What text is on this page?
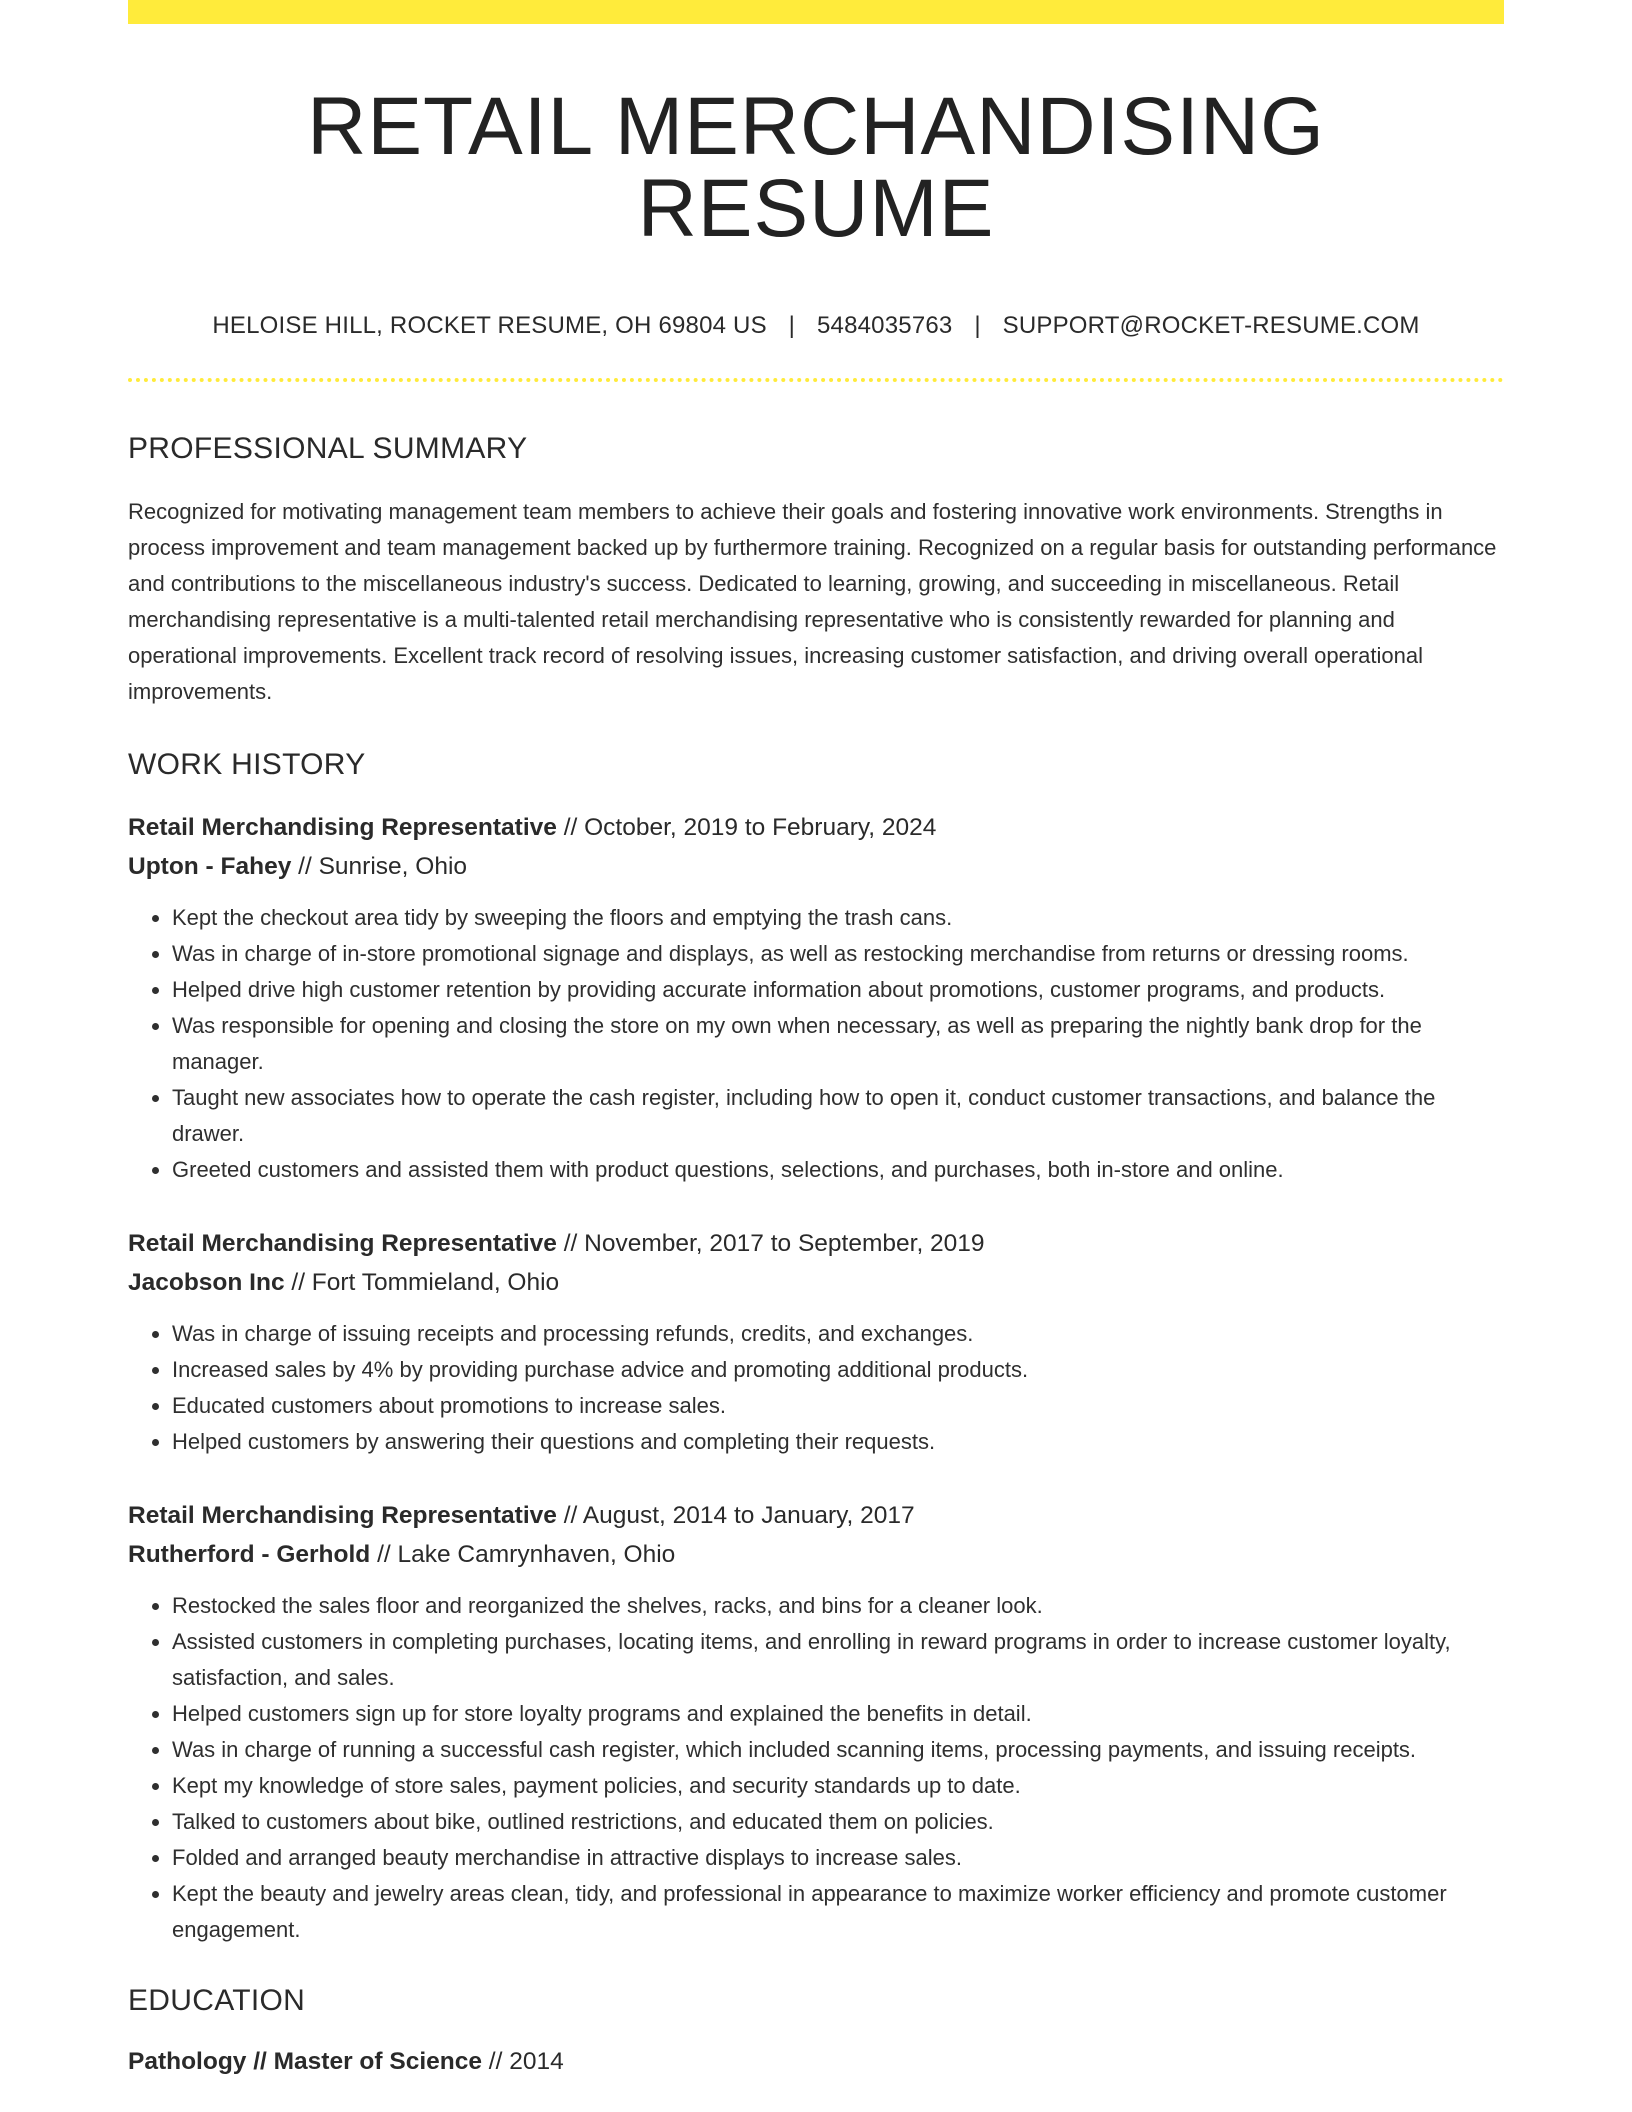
RETAIL MERCHANDISING RESUME
HELOISE HILL, ROCKET RESUME, OH 69804 US | 5484035763 | SUPPORT@ROCKET-RESUME.COM
PROFESSIONAL SUMMARY

Recognized for motivating management team members to achieve their goals and fostering innovative work environments. Strengths in process improvement and team management backed up by furthermore training. Recognized on a regular basis for outstanding performance and contributions to the miscellaneous industry's success. Dedicated to learning, growing, and succeeding in miscellaneous. Retail merchandising representative is a multi-talented retail merchandising representative who is consistently rewarded for planning and operational improvements. Excellent track record of resolving issues, increasing customer satisfaction, and driving overall operational improvements.

WORK HISTORY
Retail Merchandising Representative // October, 2019 to February, 2024
Upton - Fahey // Sunrise, Ohio
• Kept the checkout area tidy by sweeping the floors and emptying the trash cans.
• Was in charge of in-store promotional signage and displays, as well as restocking merchandise from returns or dressing rooms.
• Helped drive high customer retention by providing accurate information about promotions, customer programs, and products.
• Was responsible for opening and closing the store on my own when necessary, as well as preparing the nightly bank drop for the manager.
• Taught new associates how to operate the cash register, including how to open it, conduct customer transactions, and balance the drawer.
• Greeted customers and assisted them with product questions, selections, and purchases, both in-store and online.
Retail Merchandising Representative // November, 2017 to September, 2019
Jacobson Inc // Fort Tommieland, Ohio
• Was in charge of issuing receipts and processing refunds, credits, and exchanges.
• Increased sales by 4% by providing purchase advice and promoting additional products.
• Educated customers about promotions to increase sales.
• Helped customers by answering their questions and completing their requests.
Retail Merchandising Representative // August, 2014 to January, 2017
Rutherford - Gerhold // Lake Camrynhaven, Ohio
• Restocked the sales floor and reorganized the shelves, racks, and bins for a cleaner look.
• Assisted customers in completing purchases, locating items, and enrolling in reward programs in order to increase customer loyalty, satisfaction, and sales.
• Helped customers sign up for store loyalty programs and explained the benefits in detail.
• Was in charge of running a successful cash register, which included scanning items, processing payments, and issuing receipts.
• Kept my knowledge of store sales, payment policies, and security standards up to date.
• Talked to customers about bike, outlined restrictions, and educated them on policies.
• Folded and arranged beauty merchandise in attractive displays to increase sales.
• Kept the beauty and jewelry areas clean, tidy, and professional in appearance to maximize worker efficiency and promote customer engagement.
EDUCATION
Pathology // Master of Science // 2014
